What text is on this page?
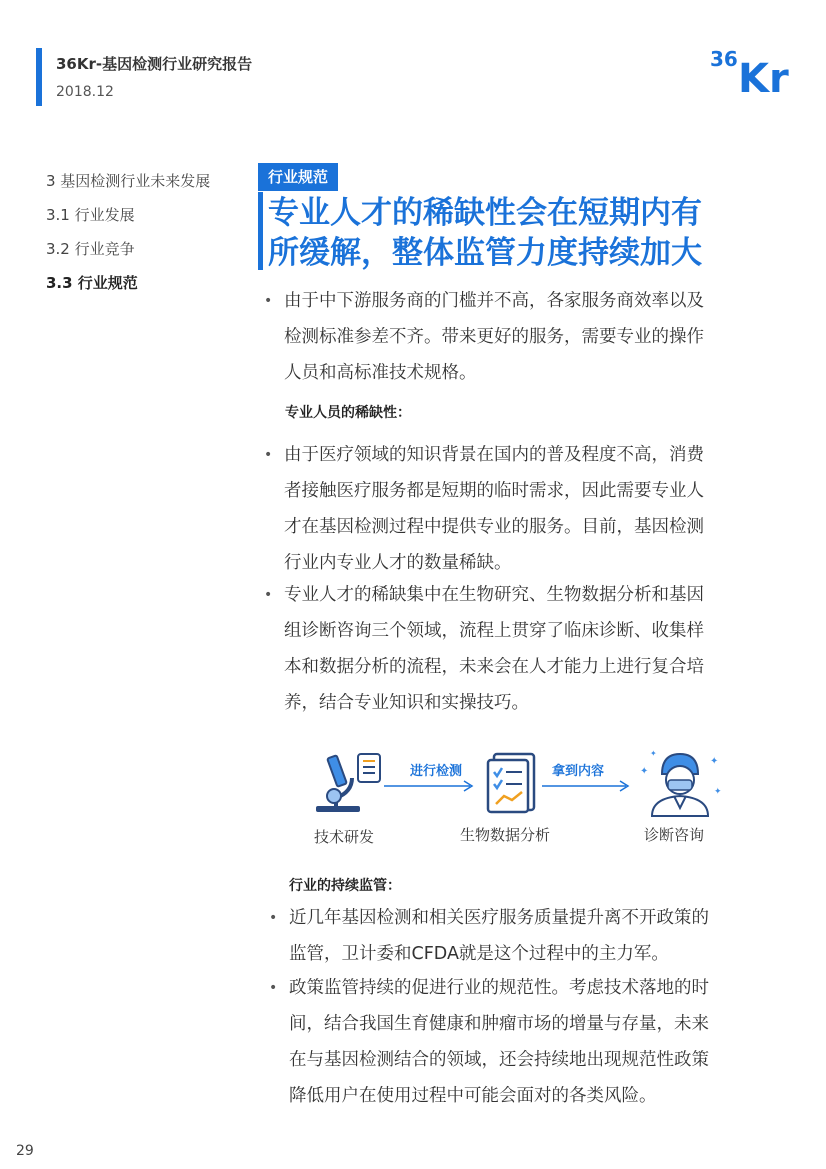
36Kr-基因检测行业研究报告
2018.12
36 Kr
3 基因检测行业未来发展
3.1 行业发展
3.2 行业竞争
3.3 行业规范
行业规范
专业人才的稀缺性会在短期内有
所缓解，整体监管力度持续加大
• 由于中下游服务商的门槛并不高，各家服务商效率以及
检测标准参差不齐。带来更好的服务，需要专业的操作
人员和高标准技术规格。
专业人员的稀缺性：
• 由于医疗领域的知识背景在国内的普及程度不高，消费
者接触医疗服务都是短期的临时需求，因此需要专业人
才在基因检测过程中提供专业的服务。目前，基因检测
行业内专业人才的数量稀缺。
• 专业人才的稀缺集中在生物研究、生物数据分析和基因
组诊断咨询三个领域，流程上贯穿了临床诊断、收集样
本和数据分析的流程，未来会在人才能力上进行复合培
养，结合专业知识和实操技巧。
进行检测	拿到内容	✦
✦
✦
✦
技术研发	生物数据分析	诊断咨询
行业的持续监管：
• 近几年基因检测和相关医疗服务质量提升离不开政策的
监管，卫计委和CFDA就是这个过程中的主力军。
• 政策监管持续的促进行业的规范性。考虑技术落地的时
间，结合我国生育健康和肿瘤市场的增量与存量，未来
在与基因检测结合的领域，还会持续地出现规范性政策
降低用户在使用过程中可能会面对的各类风险。
29
